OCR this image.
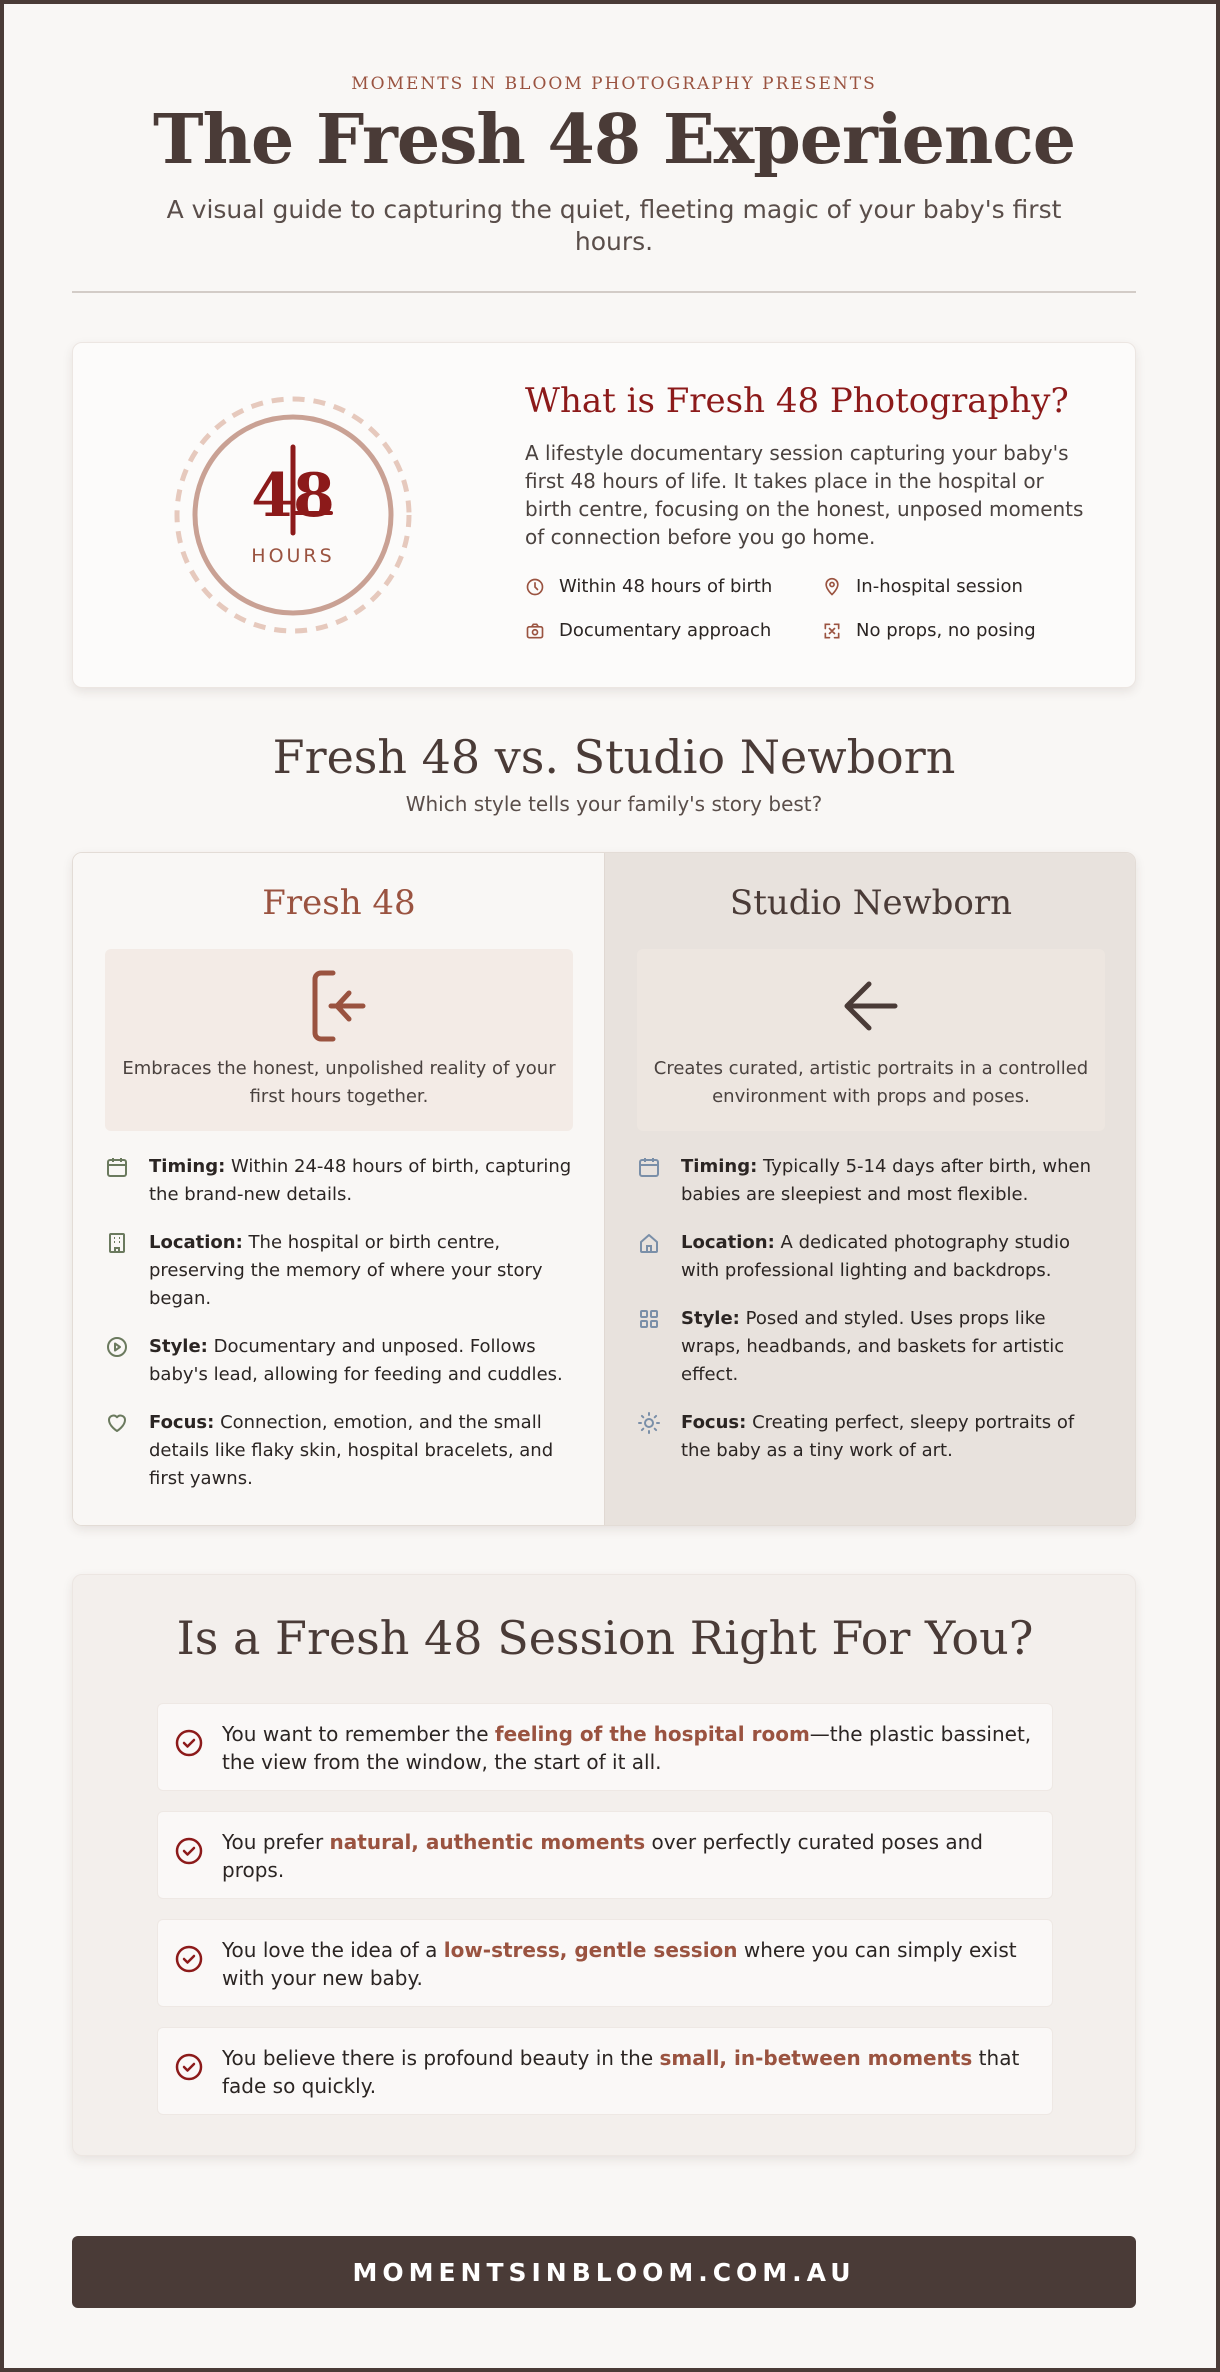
MOMENTS IN BLOOM PHOTOGRAPHY PRESENTS
The Fresh 48 Experience
A visual guide to capturing the quiet, fleeting magic of your baby's first hours.
48
HOURS
What is Fresh 48 Photography?
A lifestyle documentary session capturing your baby's first 48 hours of life. It takes place in the hospital or birth centre, focusing on the honest, unposed moments of connection before you go home.
Within 48 hours of birth	In-hospital session
Documentary approach	No props, no posing
Fresh 48 vs. Studio Newborn
Which style tells your family's story best?
Fresh 48
Embraces the honest, unpolished reality of your first hours together.
Timing: Within 24-48 hours of birth, capturing the brand-new details.
Location: The hospital or birth centre, preserving the memory of where your story began.
Style: Documentary and unposed. Follows baby's lead, allowing for feeding and cuddles.
Focus: Connection, emotion, and the small details like flaky skin, hospital bracelets, and first yawns.
Studio Newborn
Creates curated, artistic portraits in a controlled environment with props and poses.
Timing: Typically 5-14 days after birth, when babies are sleepiest and most flexible.
Location: A dedicated photography studio with professional lighting and backdrops.
Style: Posed and styled. Uses props like wraps, headbands, and baskets for artistic effect.
Focus: Creating perfect, sleepy portraits of the baby as a tiny work of art.
Is a Fresh 48 Session Right For You?
You want to remember the feeling of the hospital room—the plastic bassinet, the view from the window, the start of it all.
You prefer natural, authentic moments over perfectly curated poses and props.
You love the idea of a low-stress, gentle session where you can simply exist with your new baby.
You believe there is profound beauty in the small, in-between moments that fade so quickly.
MOMENTSINBLOOM.COM.AU
